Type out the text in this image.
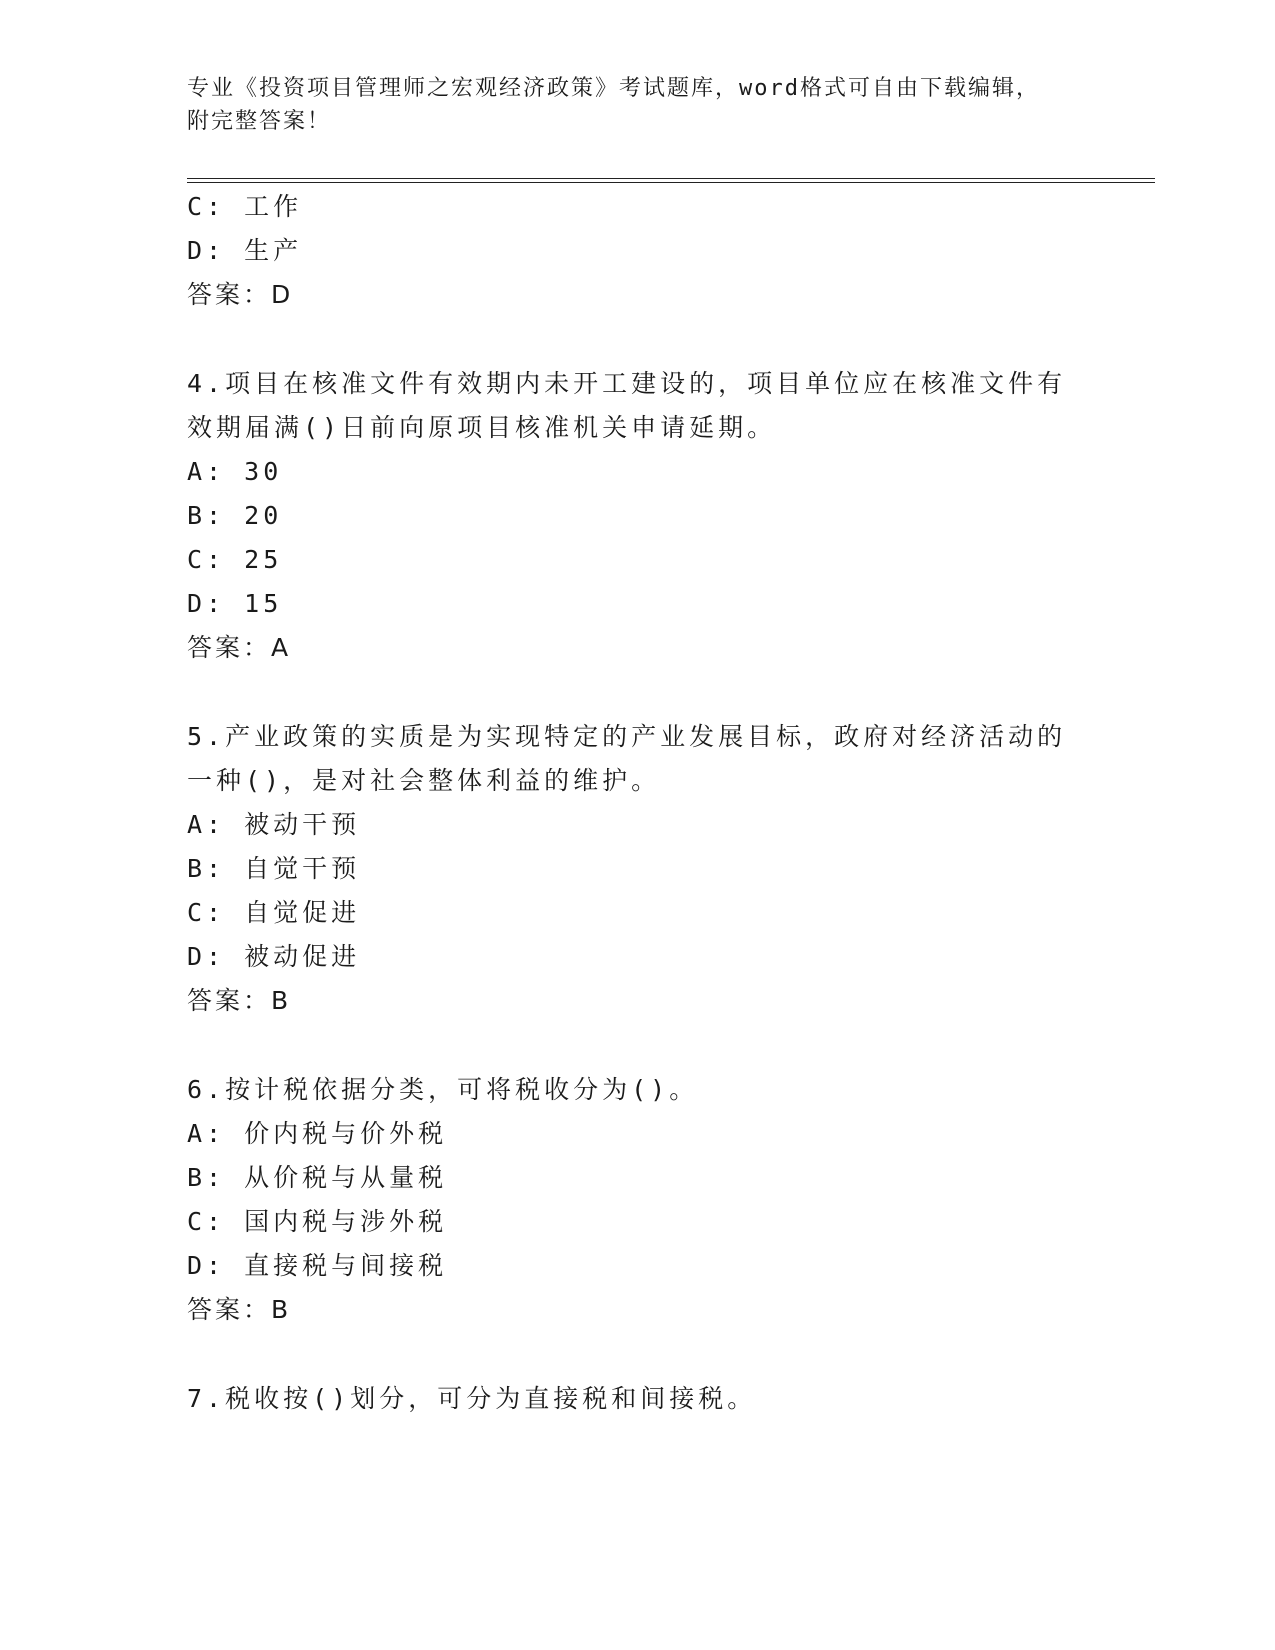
专业《投资项目管理师之宏观经济政策》考试题库，word格式可自由下载编辑，
附完整答案！
C: 工作
D: 生产
答案：D
4.项目在核准文件有效期内未开工建设的，项目单位应在核准文件有
效期届满()日前向原项目核准机关申请延期。
A: 30
B: 20
C: 25
D: 15
答案：A
5.产业政策的实质是为实现特定的产业发展目标，政府对经济活动的
一种()，是对社会整体利益的维护。
A: 被动干预
B: 自觉干预
C: 自觉促进
D: 被动促进
答案：B
6.按计税依据分类，可将税收分为()。
A: 价内税与价外税
B: 从价税与从量税
C: 国内税与涉外税
D: 直接税与间接税
答案：B
7.税收按()划分，可分为直接税和间接税。
